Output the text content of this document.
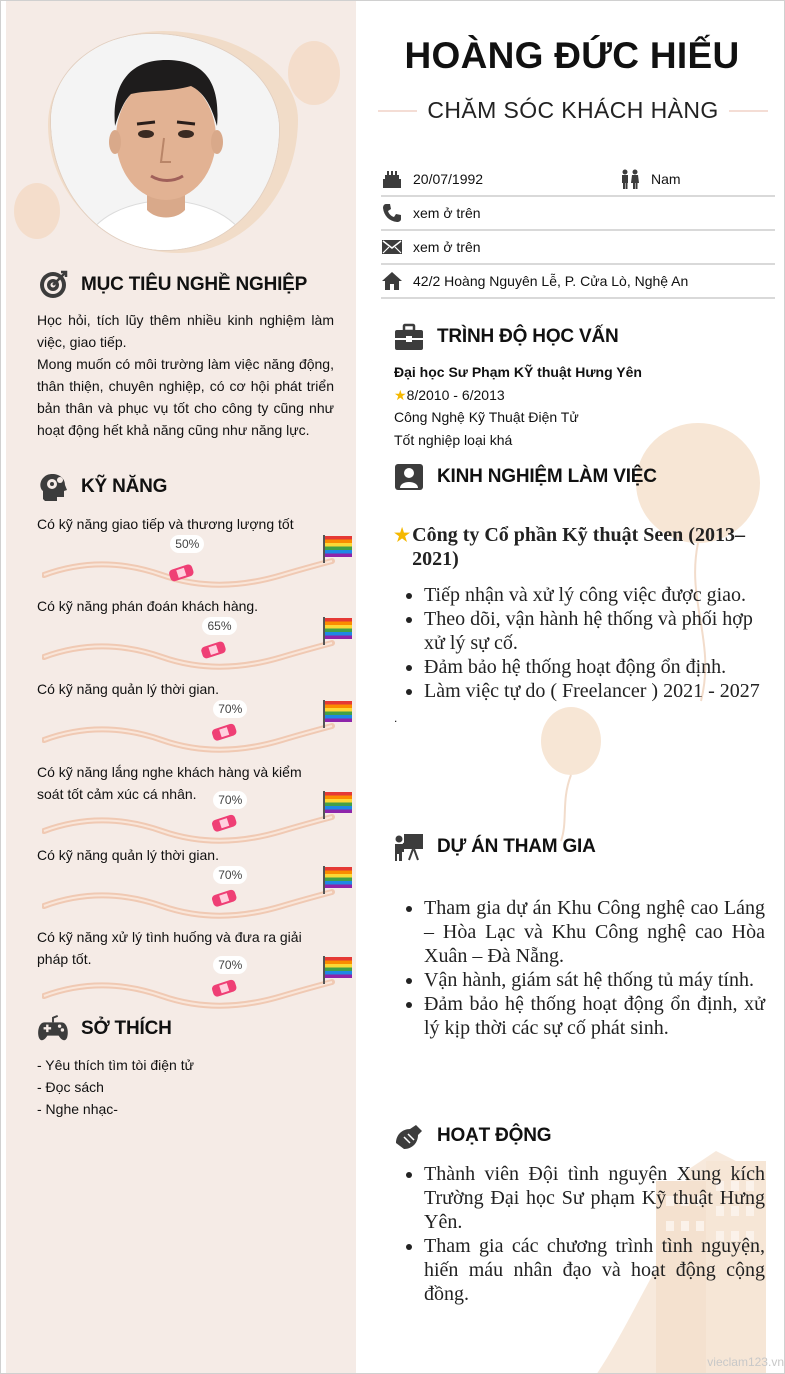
MỤC TIÊU NGHỀ NGHIỆP

Học hỏi, tích lũy thêm nhiều kinh nghiệm làm việc, giao tiếp.

Mong muốn có môi trường làm việc năng động, thân thiện, chuyên nghiệp, có cơ hội phát triển bản thân và phục vụ tốt cho công ty cũng như hoạt động hết khả năng cũng như năng lực.

KỸ NĂNG
Có kỹ năng giao tiếp và thương lượng tốt
50%
Có kỹ năng phán đoán khách hàng.
65%
Có kỹ năng quản lý thời gian.
70%
Có kỹ năng lắng nghe khách hàng và kiểm soát tốt cảm xúc cá nhân.	70%
Có kỹ năng quản lý thời gian.
70%
Có kỹ năng xử lý tình huống và đưa ra giải pháp tốt.	70%
SỞ THÍCH

- Yêu thích tìm tòi điện tử

- Đọc sách

- Nghe nhạc-

HOÀNG ĐỨC HIẾU
CHĂM SÓC KHÁCH HÀNG
20/07/1992	Nam
xem ở trên
xem ở trên
42/2 Hoàng Nguyên Lễ, P. Cửa Lò, Nghệ An
TRÌNH ĐỘ HỌC VẤN

Đại học Sư Phạm KỸ thuật Hưng Yên

★8/2010 - 6/2013

Công Nghệ Kỹ Thuật Điện Tử

Tốt nghiệp loại khá

KINH NGHIỆM LÀM VIỆC
★ Công ty Cổ phần Kỹ thuật Seen (2013–2021)
• Tiếp nhận và xử lý công việc được giao.
• Theo dõi, vận hành hệ thống và phối hợp xử lý sự cố.
• Đảm bảo hệ thống hoạt động ổn định.
• Làm việc tự do ( Freelancer ) 2021 - 2027

.

DỰ ÁN THAM GIA
• Tham gia dự án Khu Công nghệ cao Láng – Hòa Lạc và Khu Công nghệ cao Hòa Xuân – Đà Nẵng.
• Vận hành, giám sát hệ thống tủ máy tính.
• Đảm bảo hệ thống hoạt động ổn định, xử lý kịp thời các sự cố phát sinh.
HOẠT ĐỘNG
• Thành viên Đội tình nguyện Xung kích Trường Đại học Sư phạm Kỹ thuật Hưng Yên.
• Tham gia các chương trình tình nguyện, hiến máu nhân đạo và hoạt động cộng đồng.
vieclam123.vn
